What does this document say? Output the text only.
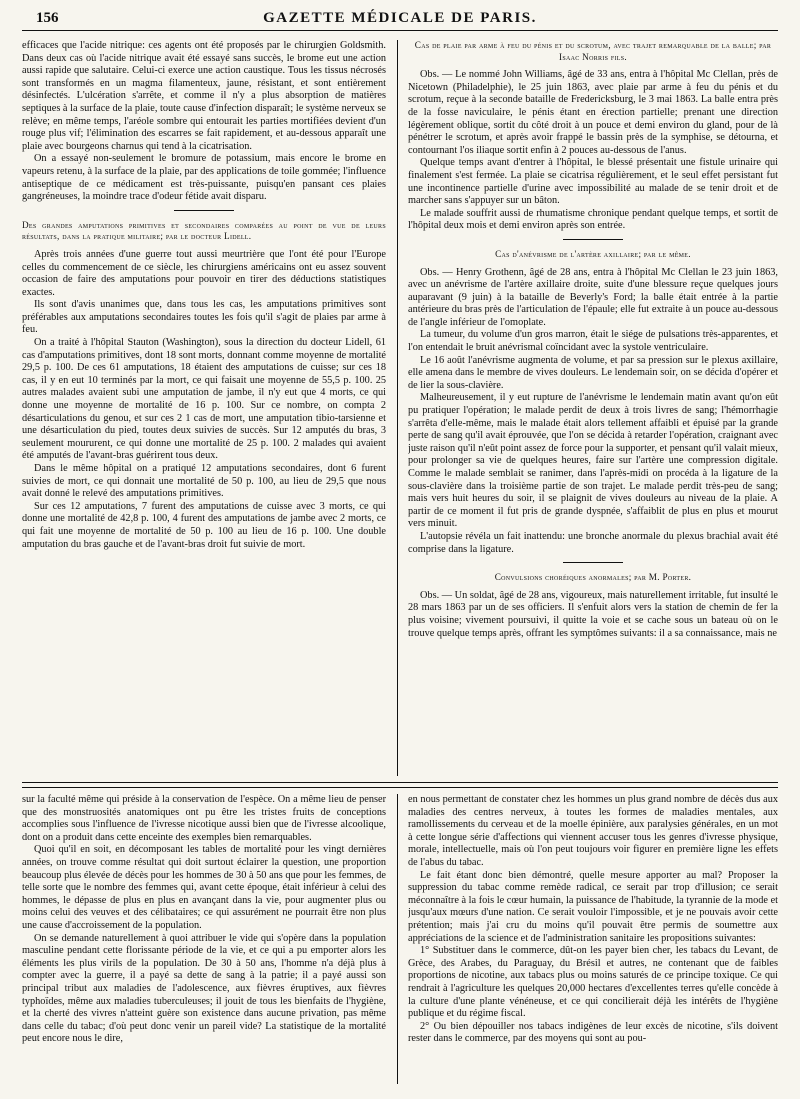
156	GAZETTE MÉDICALE DE PARIS.

efficaces que l'acide nitrique: ces agents ont été proposés par le chirurgien Goldsmith. Dans deux cas où l'acide nitrique avait été essayé sans succès, le brome eut une action aussi rapide que salutaire. Celui-ci exerce une action caustique. Tous les tissus nécrosés sont transformés en un magma filamenteux, jaune, résistant, et sont entièrement désinfectés. L'ulcération s'arrête, et comme il n'y a plus absorption de matières septiques à la surface de la plaie, toute cause d'infection disparaît; le système nerveux se relève; en même temps, l'aréole sombre qui entourait les parties mortifiées devient d'un rouge plus vif; l'élimination des escarres se fait rapidement, et au-dessous apparaît une plaie avec bourgeons charnus qui tend à la cicatrisation.

On a essayé non-seulement le bromure de potassium, mais encore le brome en vapeurs retenu, à la surface de la plaie, par des applications de toile gommée; l'influence antiseptique de ce médicament est très-puissante, puisqu'en pansant ces plaies gangréneuses, la moindre trace d'odeur fétide avait disparu.

Des grandes amputations primitives et secondaires comparées au point de vue de leurs résultats, dans la pratique militaire; par le docteur Lidell.

Après trois années d'une guerre tout aussi meurtrière que l'ont été pour l'Europe celles du commencement de ce siècle, les chirurgiens américains ont eu assez souvent occasion de faire des amputations pour pouvoir en tirer des déductions statistiques exactes.

Ils sont d'avis unanimes que, dans tous les cas, les amputations primitives sont préférables aux amputations secondaires toutes les fois qu'il s'agit de plaies par arme à feu.

On a traité à l'hôpital Stauton (Washington), sous la direction du docteur Lidell, 61 cas d'amputations primitives, dont 18 sont morts, donnant comme moyenne de mortalité 29,5 p. 100. De ces 61 amputations, 18 étaient des amputations de cuisse; sur ces 18 cas, il y en eut 10 terminés par la mort, ce qui faisait une moyenne de 55,5 p. 100. 25 autres malades avaient subi une amputation de jambe, il n'y eut que 4 morts, ce qui donne une moyenne de mortalité de 16 p. 100. Sur ce nombre, on compta 2 désarticulations du genou, et sur ces 2 1 cas de mort, une amputation tibio-tarsienne et une désarticulation du pied, toutes deux suivies de succès. Sur 12 amputés du bras, 3 seulement moururent, ce qui donne une mortalité de 25 p. 100. 2 malades qui avaient été amputés de l'avant-bras guérirent tous deux.

Dans le même hôpital on a pratiqué 12 amputations secondaires, dont 6 furent suivies de mort, ce qui donnait une mortalité de 50 p. 100, au lieu de 29,5 que nous avait donné le relevé des amputations primitives.

Sur ces 12 amputations, 7 furent des amputations de cuisse avec 3 morts, ce qui donne une mortalité de 42,8 p. 100, 4 furent des amputations de jambe avec 2 morts, ce qui fait une moyenne de mortalité de 50 p. 100 au lieu de 16 p. 100. Une double amputation du bras gauche et de l'avant-bras droit fut suivie de mort.

Cas de plaie par arme à feu du pénis et du scrotum, avec trajet remarquable de la balle; par Isaac Norris fils.

Obs. — Le nommé John Williams, âgé de 33 ans, entra à l'hôpital Mc Clellan, près de Nicetown (Philadelphie), le 25 juin 1863, avec plaie par arme à feu du pénis et du scrotum, reçue à la seconde bataille de Fredericksburg, le 3 mai 1863. La balle entra près de la fosse naviculaire, le pénis étant en érection partielle; prenant une direction légèrement oblique, sortit du côté droit à un pouce et demi environ du gland, pour de là pénétrer le scrotum, et après avoir frappé le bassin près de la symphise, se détourna, et contournant l'os iliaque sortit enfin à 2 pouces au-dessous de l'anus.

Quelque temps avant d'entrer à l'hôpital, le blessé présentait une fistule urinaire qui finalement s'est fermée. La plaie se cicatrisa régulièrement, et le seul effet persistant fut une incontinence partielle d'urine avec impossibilité au malade de se tenir droit et de marcher sans s'appuyer sur un bâton.

Le malade souffrit aussi de rhumatisme chronique pendant quelque temps, et sortit de l'hôpital deux mois et demi environ après son entrée.

Cas d'anévrisme de l'artère axillaire; par le même.

Obs. — Henry Grothenn, âgé de 28 ans, entra à l'hôpital Mc Clellan le 23 juin 1863, avec un anévrisme de l'artère axillaire droite, suite d'une blessure reçue quelques jours auparavant (9 juin) à la bataille de Beverly's Ford; la balle était entrée à la partie antérieure du bras près de l'articulation de l'épaule; elle fut extraite à un pouce au-dessous de l'angle inférieur de l'omoplate.

La tumeur, du volume d'un gros marron, était le siége de pulsations très-apparentes, et l'on entendait le bruit anévrismal coïncidant avec la systole ventriculaire.

Le 16 août l'anévrisme augmenta de volume, et par sa pression sur le plexus axillaire, elle amena dans le membre de vives douleurs. Le lendemain soir, on se décida d'opérer et de lier la sous-clavière.

Malheureusement, il y eut rupture de l'anévrisme le lendemain matin avant qu'on eût pu pratiquer l'opération; le malade perdit de deux à trois livres de sang; l'hémorrhagie s'arrêta d'elle-même, mais le malade était alors tellement affaibli et épuisé par la grande perte de sang qu'il avait éprouvée, que l'on se décida à retarder l'opération, craignant avec juste raison qu'il n'eût point assez de force pour la supporter, et pensant qu'il valait mieux, pour prolonger sa vie de quelques heures, faire sur l'artère une compression digitale. Comme le malade semblait se ranimer, dans l'après-midi on procéda à la ligature de la sous-clavière dans la troisième partie de son trajet. Le malade perdit très-peu de sang; mais vers huit heures du soir, il se plaignit de vives douleurs au niveau de la plaie. A partir de ce moment il fut pris de grande dyspnée, s'affaiblit de plus en plus et mourut vers minuit.

L'autopsie révéla un fait inattendu: une bronche anormale du plexus brachial avait été comprise dans la ligature.

Convulsions choréiques anormales; par M. Porter.

Obs. — Un soldat, âgé de 28 ans, vigoureux, mais naturellement irritable, fut insulté le 28 mars 1863 par un de ses officiers. Il s'enfuit alors vers la station de chemin de fer la plus voisine; vivement poursuivi, il quitte la voie et se cache sous un bateau où on le trouve quelque temps après, offrant les symptômes suivants: il a sa connaissance, mais ne

sur la faculté même qui préside à la conservation de l'espèce. On a même lieu de penser que des monstruosités anatomiques ont pu être les tristes fruits de conceptions accomplies sous l'influence de l'ivresse nicotique aussi bien que de l'ivresse alcoolique, dont on a produit dans cette enceinte des exemples bien remarquables.

Quoi qu'il en soit, en décomposant les tables de mortalité pour les vingt dernières années, on trouve comme résultat qui doit surtout éclairer la question, une proportion beaucoup plus élevée de décès pour les hommes de 30 à 50 ans que pour les femmes, de telle sorte que le nombre des femmes qui, avant cette époque, était inférieur à celui des hommes, le dépasse de plus en plus en avançant dans la vie, pour augmenter plus ou moins celui des veuves et des célibataires; ce qui assurément ne pourrait être non plus une cause d'accroissement de la population.

On se demande naturellement à quoi attribuer le vide qui s'opère dans la population masculine pendant cette florissante période de la vie, et ce qui a pu emporter alors les éléments les plus virils de la population. De 30 à 50 ans, l'homme n'a déjà plus à compter avec la guerre, il a payé sa dette de sang à la patrie; il a payé aussi son principal tribut aux maladies de l'adolescence, aux fièvres éruptives, aux fièvres typhoïdes, même aux maladies tuberculeuses; il jouit de tous les bienfaits de l'hygiène, et la cherté des vivres n'atteint guère son existence dans aucune privation, pas même dans celle du tabac; d'où peut donc venir un pareil vide? La statistique de la mortalité peut encore nous le dire,

en nous permettant de constater chez les hommes un plus grand nombre de décès dus aux maladies des centres nerveux, à toutes les formes de maladies mentales, aux ramollissements du cerveau et de la moelle épinière, aux paralysies générales, en un mot à cette longue série d'affections qui viennent accuser tous les genres d'ivresse physique, morale, intellectuelle, mais où l'on peut toujours voir figurer en première ligne les effets de l'abus du tabac.

Le fait étant donc bien démontré, quelle mesure apporter au mal? Proposer la suppression du tabac comme remède radical, ce serait par trop d'illusion; ce serait méconnaître à la fois le cœur humain, la puissance de l'habitude, la tyrannie de la mode et jusqu'aux mœurs d'une nation. Ce serait vouloir l'impossible, et je ne pouvais avoir cette prétention; mais j'ai cru du moins qu'il pouvait être permis de soumettre aux appréciations de la science et de l'administration sanitaire les propositions suivantes:

1° Substituer dans le commerce, dût-on les payer bien cher, les tabacs du Levant, de Grèce, des Arabes, du Paraguay, du Brésil et autres, ne contenant que de faibles proportions de nicotine, aux tabacs plus ou moins saturés de ce principe toxique. Ce qui rendrait à l'agriculture les quelques 20,000 hectares d'excellentes terres qu'elle concède à la culture d'une plante vénéneuse, et ce qui concilierait déjà les intérêts de l'hygiène publique et du régime fiscal.

2° Ou bien dépouiller nos tabacs indigènes de leur excès de nicotine, s'ils doivent rester dans le commerce, par des moyens qui sont au pou-
